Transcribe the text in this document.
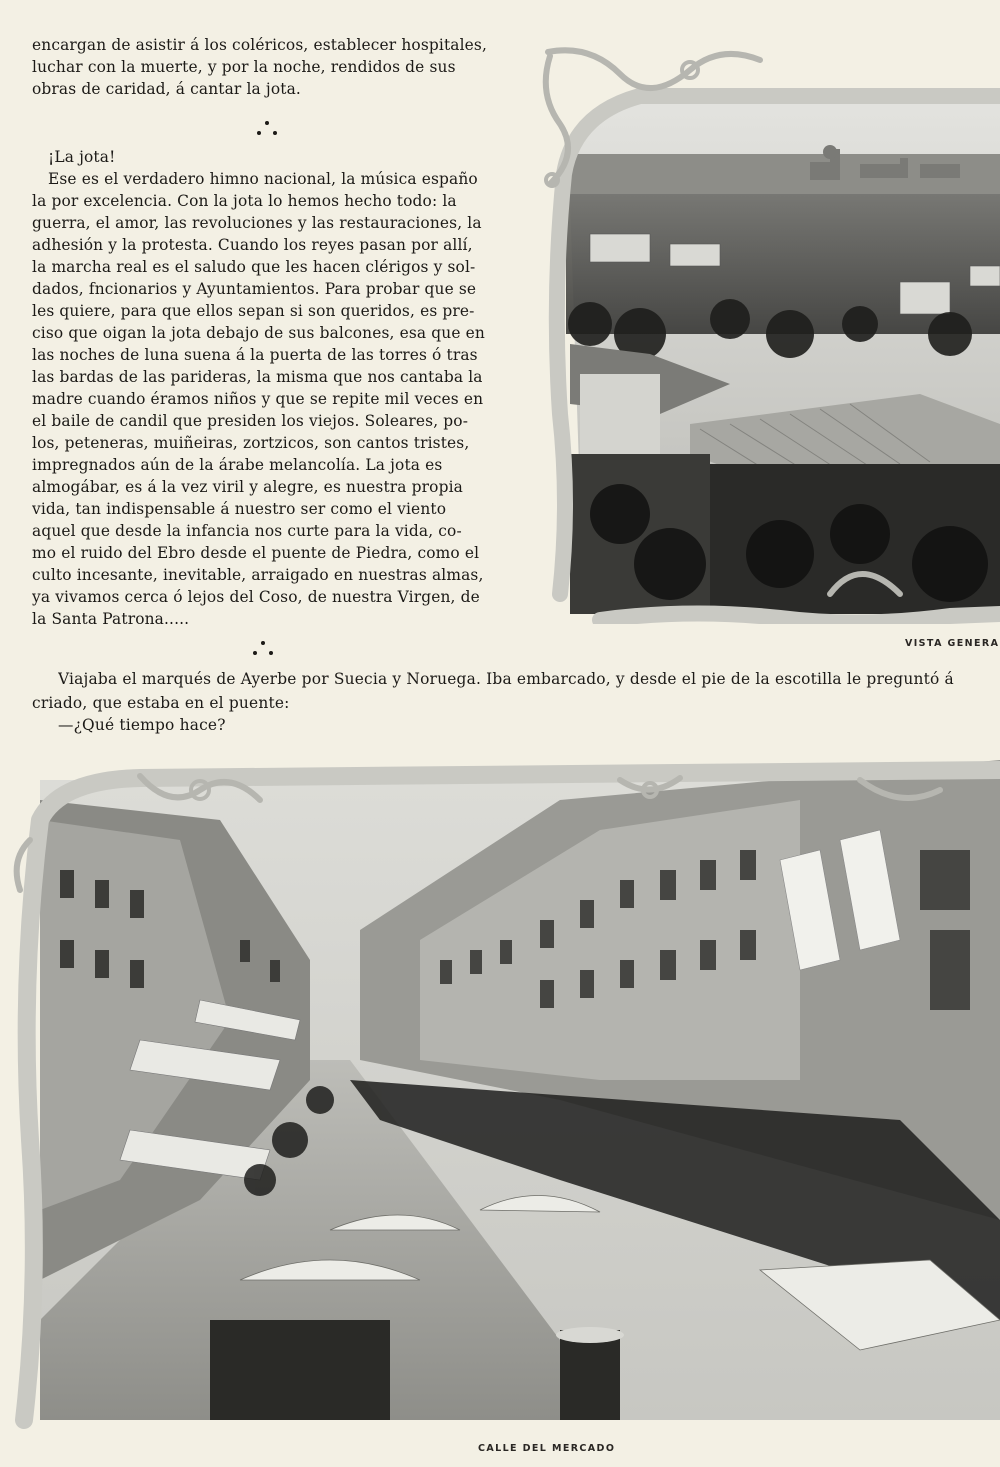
encargan de asistir á los coléricos, establecer hospitales,
luchar con la muerte, y por la noche, rendidos de sus
obras de caridad, á cantar la jota.
¡La jota!
Ese es el verdadero himno nacional, la música españo
la por excelencia. Con la jota lo hemos hecho todo: la
guerra, el amor, las revoluciones y las restauraciones, la
adhesión y la protesta. Cuando los reyes pasan por allí,
la marcha real es el saludo que les hacen clérigos y sol-
dados, fncionarios y Ayuntamientos. Para probar que se
les quiere, para que ellos sepan si son queridos, es pre-
ciso que oigan la jota debajo de sus balcones, esa que en
las noches de luna suena á la puerta de las torres ó tras
las bardas de las parideras, la misma que nos cantaba la
madre cuando éramos niños y que se repite mil veces en
el baile de candil que presiden los viejos. Soleares, po-
los, peteneras, muiñeiras, zortzicos, son cantos tristes,
impregnados aún de la árabe melancolía. La jota es
almogábar, es á la vez viril y alegre, es nuestra propia
vida, tan indispensable á nuestro ser como el viento
aquel que desde la infancia nos curte para la vida, co-
mo el ruido del Ebro desde el puente de Piedra, como el
culto incesante, inevitable, arraigado en nuestras almas,
ya vivamos cerca ó lejos del Coso, de nuestra Virgen, de
la Santa Patrona.....
VISTA GENERA
Viajaba el marqués de Ayerbe por Suecia y Noruega. Iba embarcado, y desde el pie de la escotilla le preguntó á
criado, que estaba en el puente:
—¿Qué tiempo hace?
CALLE DEL MERCADO
